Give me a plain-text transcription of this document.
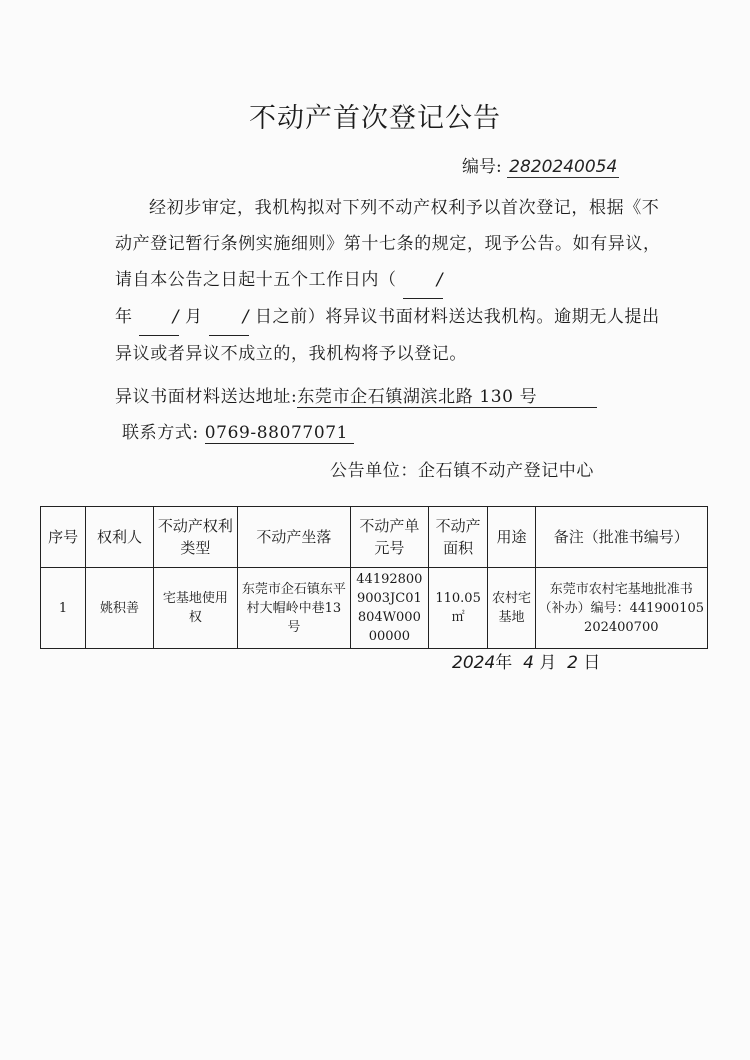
不动产首次登记公告
编号: 2820240054

经初步审定，我机构拟对下列不动产权利予以首次登记，根据《不动产登记暂行条例实施细则》第十七条的规定，现予公告。如有异议，请自本公告之日起十五个工作日内（ /
年 / 月 / 日之前）将异议书面材料送达我机构。逾期无人提出异议或者异议不成立的，我机构将予以登记。

异议书面材料送达地址:东莞市企石镇湖滨北路 130 号
联系方式: 0769-88077071
公告单位：企石镇不动产登记中心
序号	权利人	不动产权利类型	不动产坐落	不动产单元号	不动产面积	用途	备注（批准书编号）
1	姚积善	宅基地使用权	东莞市企石镇东平村大帽岭中巷13号	441928009003JC01804W00000000	110.05 ㎡	农村宅基地	东莞市农村宅基地批准书（补办）编号：441900105202400700
2024年 4 月 2 日
